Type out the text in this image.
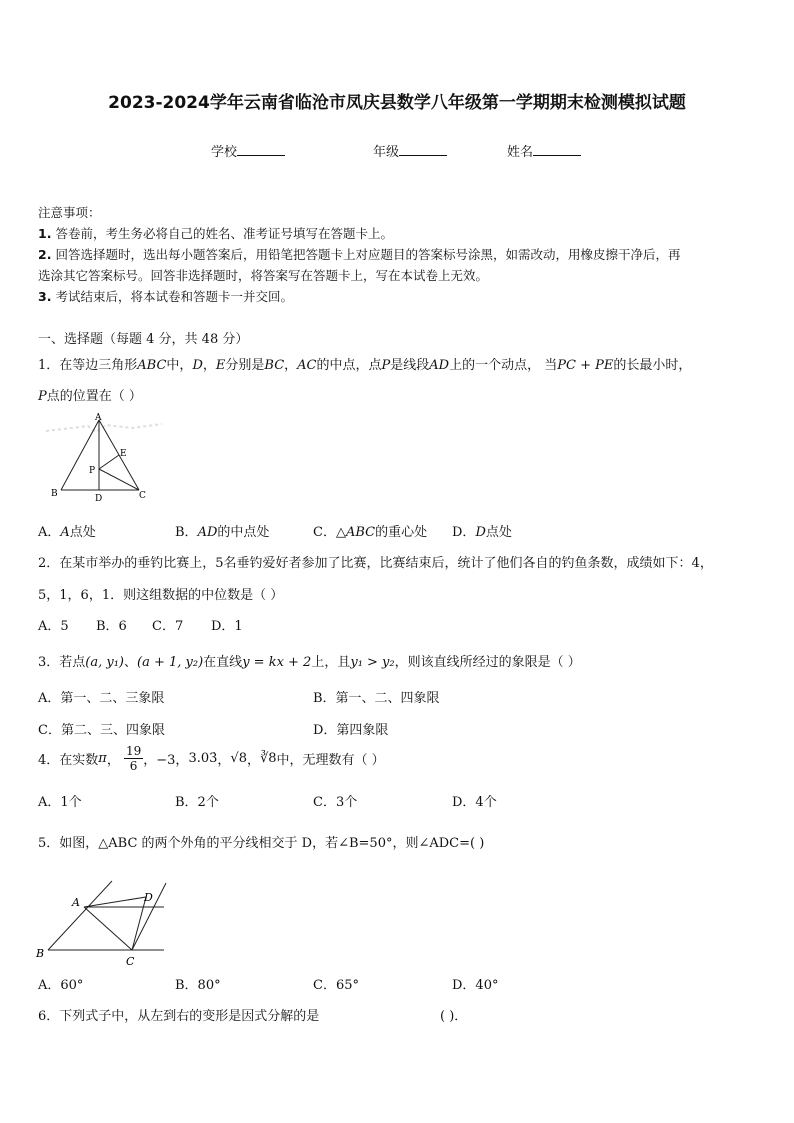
2023-2024学年云南省临沧市凤庆县数学八年级第一学期期末检测模拟试题
学校	年级	姓名
注意事项：
1. 答卷前，考生务必将自己的姓名、准考证号填写在答题卡上。
2. 回答选择题时，选出每小题答案后，用铅笔把答题卡上对应题目的答案标号涂黑，如需改动，用橡皮擦干净后，再
选涂其它答案标号。回答非选择题时，将答案写在答题卡上，写在本试卷上无效。
3. 考试结束后，将本试卷和答题卡一并交回。
一、选择题（每题 4 分，共 48 分）
1．在等边三角形ABC中，D，E分别是BC，AC的中点，点P是线段AD上的一个动点， 当PC + PE的长最小时，
P点的位置在（ ）
A
B	C
D
E
P
A．A点处	B．AD的中点处	C．△ABC的重心处 D．D点处
2．在某市举办的垂钓比赛上，5名垂钓爱好者参加了比赛，比赛结束后，统计了他们各自的钓鱼条数，成绩如下：4，
5，1，6，1．则这组数据的中位数是（ ）
A．5 B．6 C．7 D．1
3．若点(a, y₁)、(a + 1, y₂)在直线y = kx + 2上，且y₁ > y₂，则该直线所经过的象限是（ ）
A．第一、二、三象限	B．第一、二、四象限
C．第二、三、四象限	D．第四象限
4．在实数π， $\frac{19}{6}$ ，−3，3.03̇，√8，∛8中，无理数有（ ）
A．1个	B．2个	C．3个	D．4个
5．如图，△ABC 的两个外角的平分线相交于 D，若∠B=50°，则∠ADC=( )
A
B
C
D
A．60°	B．80°	C．65°	D．40°
6．下列式子中，从左到右的变形是因式分解的是	( )．
